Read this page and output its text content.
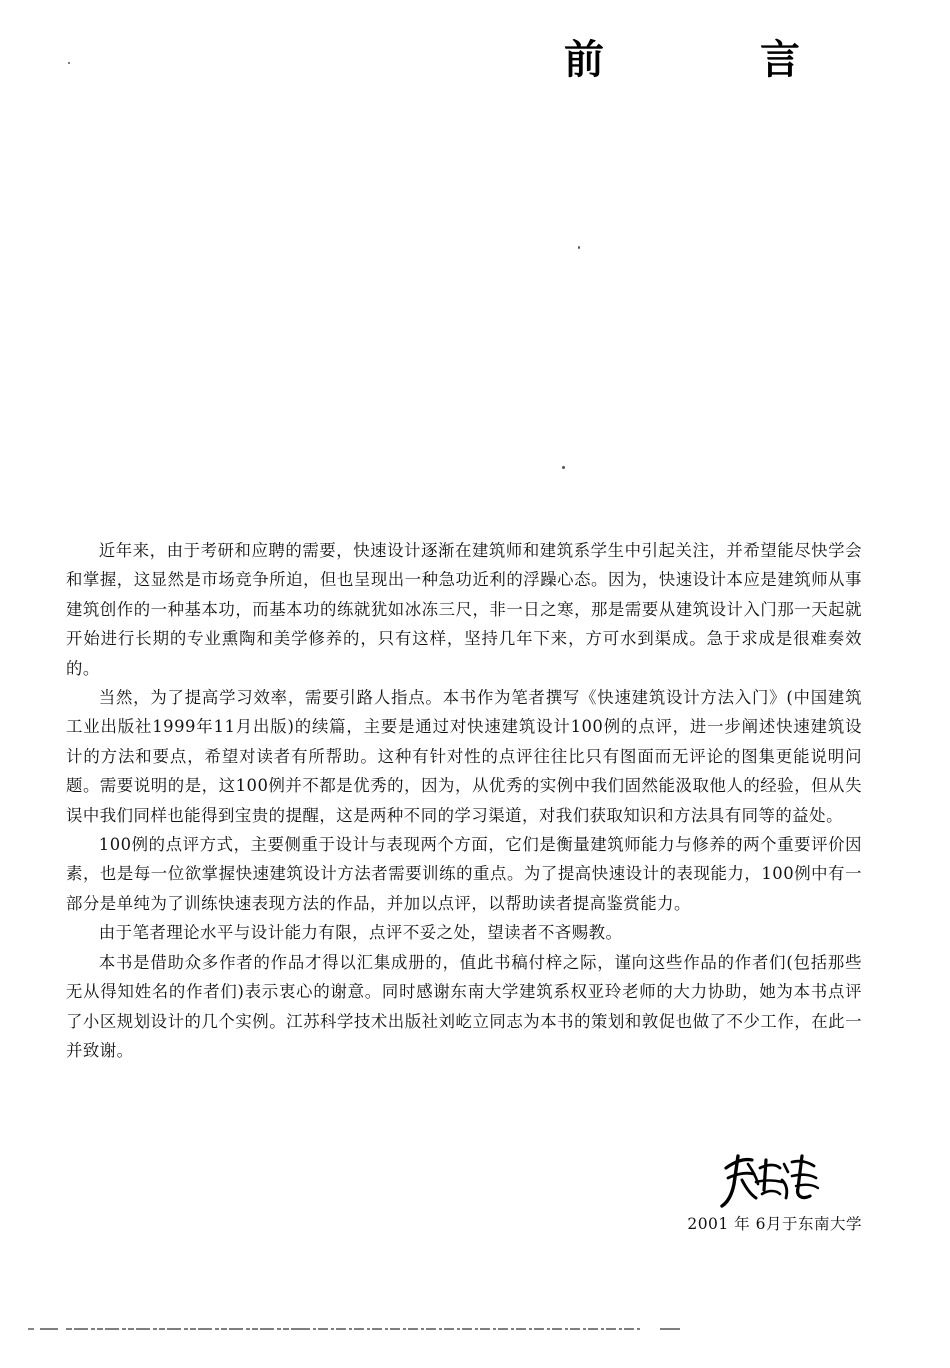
前　言

近年来，由于考研和应聘的需要，快速设计逐渐在建筑师和建筑系学生中引起关注，并希望能尽快学会和掌握，这显然是市场竞争所迫，但也呈现出一种急功近利的浮躁心态。因为，快速设计本应是建筑师从事建筑创作的一种基本功，而基本功的练就犹如冰冻三尺，非一日之寒，那是需要从建筑设计入门那一天起就开始进行长期的专业熏陶和美学修养的，只有这样，坚持几年下来，方可水到渠成。急于求成是很难奏效的。

当然，为了提高学习效率，需要引路人指点。本书作为笔者撰写《快速建筑设计方法入门》(中国建筑工业出版社1999年11月出版)的续篇，主要是通过对快速建筑设计100例的点评，进一步阐述快速建筑设计的方法和要点，希望对读者有所帮助。这种有针对性的点评往往比只有图面而无评论的图集更能说明问题。需要说明的是，这100例并不都是优秀的，因为，从优秀的实例中我们固然能汲取他人的经验，但从失误中我们同样也能得到宝贵的提醒，这是两种不同的学习渠道，对我们获取知识和方法具有同等的益处。

100例的点评方式，主要侧重于设计与表现两个方面，它们是衡量建筑师能力与修养的两个重要评价因素，也是每一位欲掌握快速建筑设计方法者需要训练的重点。为了提高快速设计的表现能力，100例中有一部分是单纯为了训练快速表现方法的作品，并加以点评，以帮助读者提高鉴赏能力。

由于笔者理论水平与设计能力有限，点评不妥之处，望读者不吝赐教。

本书是借助众多作者的作品才得以汇集成册的，值此书稿付梓之际，谨向这些作品的作者们(包括那些无从得知姓名的作者们)表示衷心的谢意。同时感谢东南大学建筑系权亚玲老师的大力协助，她为本书点评了小区规划设计的几个实例。江苏科学技术出版社刘屹立同志为本书的策划和敦促也做了不少工作，在此一并致谢。

2001 年 6月于东南大学
